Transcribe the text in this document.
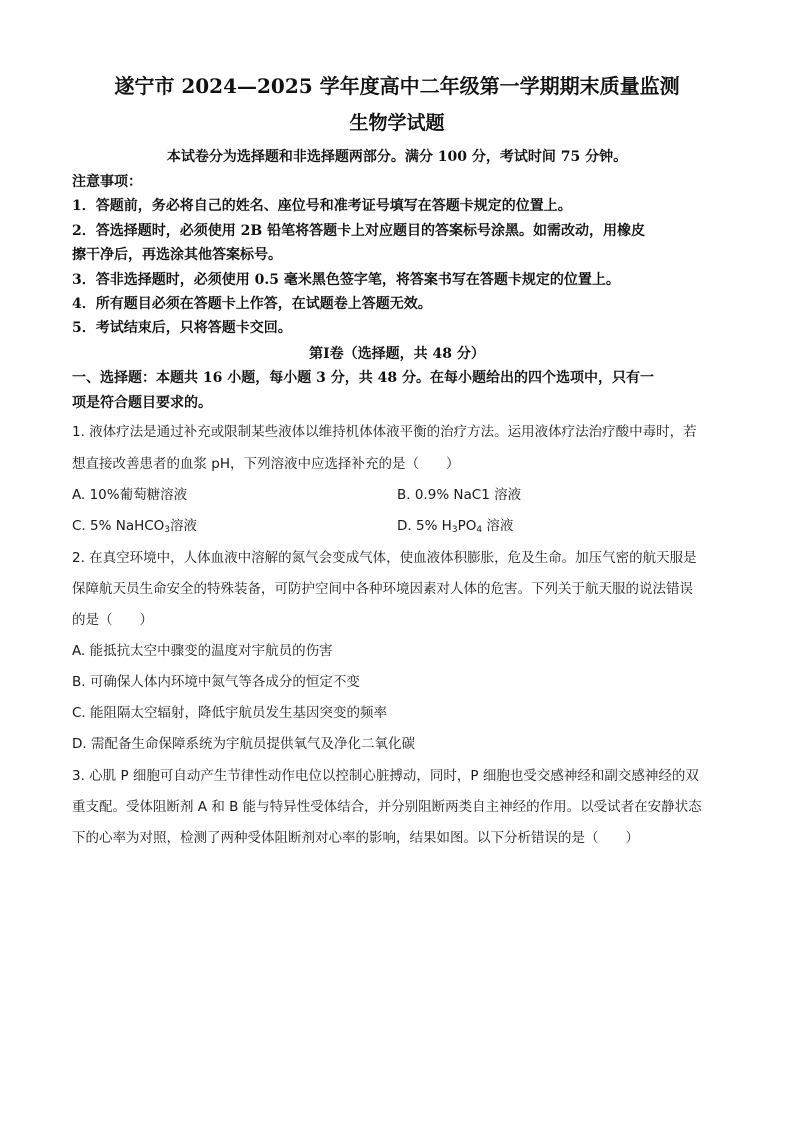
遂宁市 2024—2025 学年度高中二年级第一学期期末质量监测
生物学试题
本试卷分为选择题和非选择题两部分。满分 100 分，考试时间 75 分钟。
注意事项：
1．答题前，务必将自己的姓名、座位号和准考证号填写在答题卡规定的位置上。
2．答选择题时，必须使用 2B 铅笔将答题卡上对应题目的答案标号涂黑。如需改动，用橡皮
擦干净后，再选涂其他答案标号。
3．答非选择题时，必须使用 0.5 毫米黑色签字笔，将答案书写在答题卡规定的位置上。
4．所有题目必须在答题卡上作答，在试题卷上答题无效。
5．考试结束后，只将答题卡交回。
第Ⅰ卷（选择题，共 48 分）
一、选择题：本题共 16 小题，每小题 3 分，共 48 分。在每小题给出的四个选项中，只有一
项是符合题目要求的。
1. 液体疗法是通过补充或限制某些液体以维持机体体液平衡的治疗方法。运用液体疗法治疗酸中毒时，若
想直接改善患者的血浆 pH，下列溶液中应选择补充的是（　　）
A. 10%葡萄糖溶液	B. 0.9% NaC1 溶液
C. 5% NaHCO$_3$溶液	D. 5% $H_3PO_4$ 溶液
2. 在真空环境中，人体血液中溶解的氮气会变成气体，使血液体积膨胀，危及生命。加压气密的航天服是
保障航天员生命安全的特殊装备，可防护空间中各种环境因素对人体的危害。下列关于航天服的说法错误
的是（　　）
A. 能抵抗太空中骤变的温度对宇航员的伤害
B. 可确保人体内环境中氮气等各成分的恒定不变
C. 能阻隔太空辐射，降低宇航员发生基因突变的频率
D. 需配备生命保障系统为宇航员提供氧气及净化二氧化碳
3. 心肌 P 细胞可自动产生节律性动作电位以控制心脏搏动，同时，P 细胞也受交感神经和副交感神经的双
重支配。受体阻断剂 A 和 B 能与特异性受体结合，并分别阻断两类自主神经的作用。以受试者在安静状态
下的心率为对照，检测了两种受体阻断剂对心率的影响，结果如图。以下分析错误的是（　　）
